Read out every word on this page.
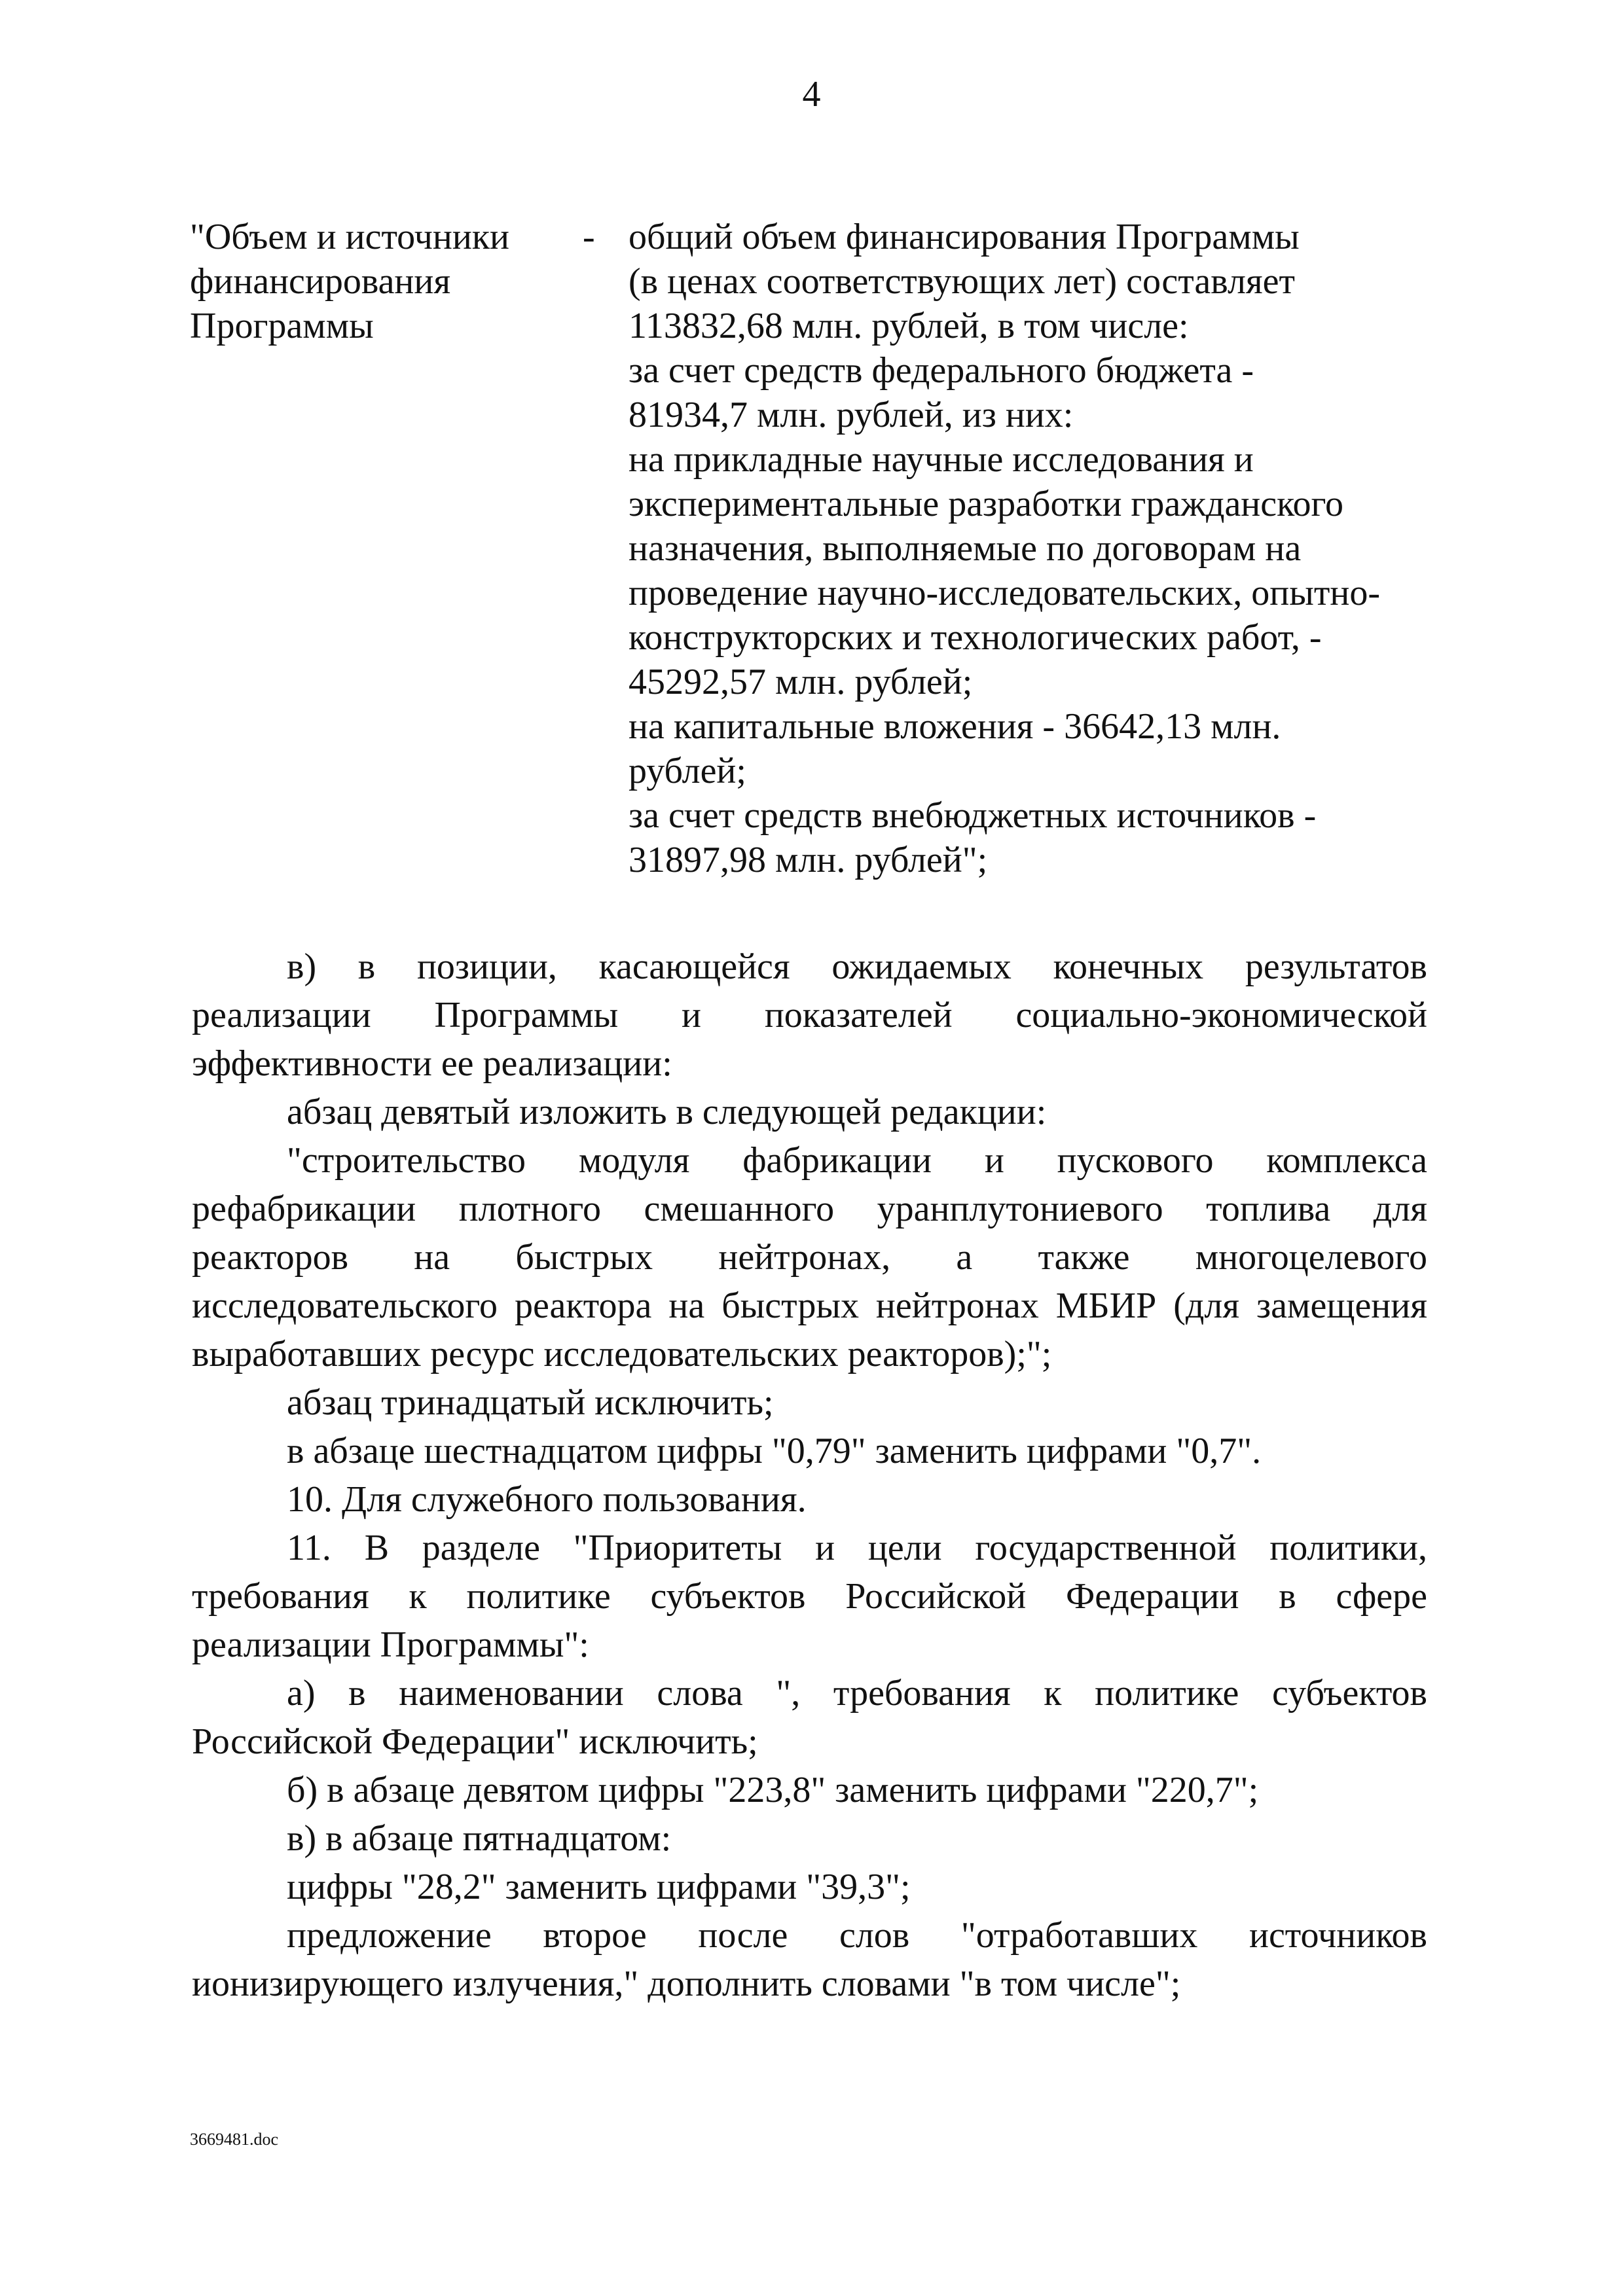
4

"Объем и источники

финансирования

Программы

- общий объем финансирования Программы

(в ценах соответствующих лет) составляет

113832,68 млн. рублей, в том числе:

за счет средств федерального бюджета -

81934,7 млн. рублей, из них:

на прикладные научные исследования и

экспериментальные разработки гражданского

назначения, выполняемые по договорам на

проведение научно-исследовательских, опытно-

конструкторских и технологических работ, -

45292,57 млн. рублей;

на капитальные вложения - 36642,13 млн.

рублей;

за счет средств внебюджетных источников -

31897,98 млн. рублей";

в) в позиции, касающейся ожидаемых конечных результатов

реализации Программы и показателей социально-экономической

эффективности ее реализации:

абзац девятый изложить в следующей редакции:

"строительство модуля фабрикации и пускового комплекса

рефабрикации плотного смешанного уранплутониевого топлива для

реакторов на быстрых нейтронах, а также многоцелевого

исследовательского реактора на быстрых нейтронах МБИР (для замещения

выработавших ресурс исследовательских реакторов);";

абзац тринадцатый исключить;

в абзаце шестнадцатом цифры "0,79" заменить цифрами "0,7".

10. Для служебного пользования.

11. В разделе "Приоритеты и цели государственной политики,

требования к политике субъектов Российской Федерации в сфере

реализации Программы":

а) в наименовании слова ", требования к политике субъектов

Российской Федерации" исключить;

б) в абзаце девятом цифры "223,8" заменить цифрами "220,7";

в) в абзаце пятнадцатом:

цифры "28,2" заменить цифрами "39,3";

предложение второе после слов "отработавших источников

ионизирующего излучения," дополнить словами "в том числе";

3669481.doc
